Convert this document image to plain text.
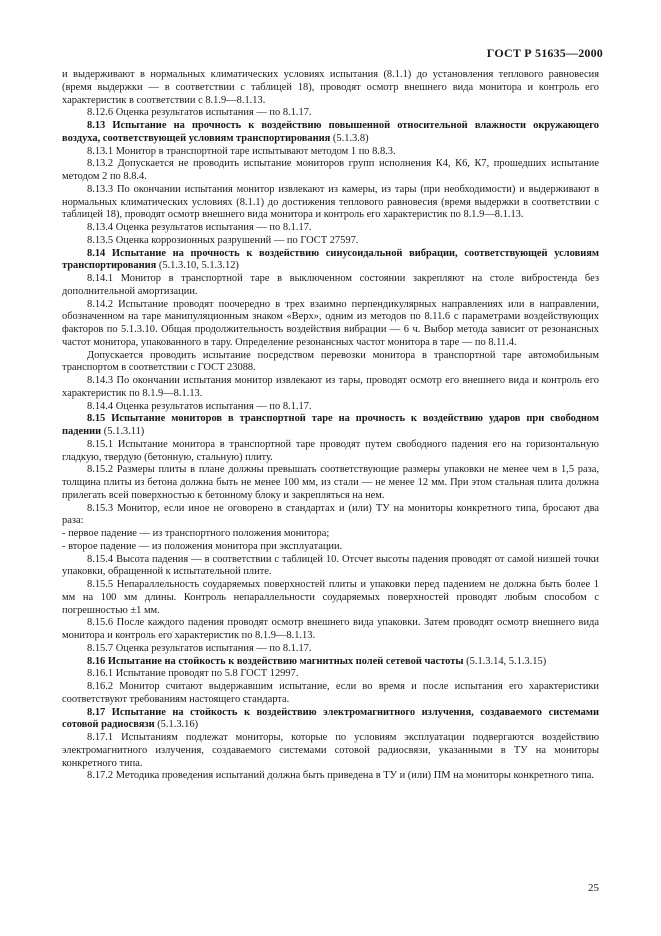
ГОСТ Р 51635—2000

и выдерживают в нормальных климатических условиях испытания (8.1.1) до установления теплового равновесия (время выдержки — в соответствии с таблицей 18), проводят осмотр внешнего вида монитора и контроль его характеристик в соответствии с 8.1.9—8.1.13.

8.12.6 Оценка результатов испытания — по 8.1.17.

8.13 Испытание на прочность к воздействию повышенной относительной влажности окружающего воздуха, соответствующей условиям транспортирования (5.1.3.8)

8.13.1 Монитор в транспортной таре испытывают методом 1 по 8.8.3.

8.13.2 Допускается не проводить испытание мониторов групп исполнения К4, К6, К7, прошедших испытание методом 2 по 8.8.4.

8.13.3 По окончании испытания монитор извлекают из камеры, из тары (при необходимости) и выдерживают в нормальных климатических условиях (8.1.1) до достижения теплового равновесия (время выдержки в соответствии с таблицей 18), проводят осмотр внешнего вида монитора и контроль его характеристик по 8.1.9—8.1.13.

8.13.4 Оценка результатов испытания — по 8.1.17.

8.13.5 Оценка коррозионных разрушений — по ГОСТ 27597.

8.14 Испытание на прочность к воздействию синусоидальной вибрации, соответствующей условиям транспортирования (5.1.3.10, 5.1.3.12)

8.14.1 Монитор в транспортной таре в выключенном состоянии закрепляют на столе вибростенда без дополнительной амортизации.

8.14.2 Испытание проводят поочередно в трех взаимно перпендикулярных направлениях или в направлении, обозначенном на таре манипуляционным знаком «Верх», одним из методов по 8.11.6 с параметрами воздействующих факторов по 5.1.3.10. Общая продолжительность воздействия вибрации — 6 ч. Выбор метода зависит от резонансных частот монитора, упакованного в тару. Определение резонансных частот монитора в таре — по 8.11.4.

Допускается проводить испытание посредством перевозки монитора в транспортной таре автомобильным транспортом в соответствии с ГОСТ 23088.

8.14.3 По окончании испытания монитор извлекают из тары, проводят осмотр его внешнего вида и контроль его характеристик по 8.1.9—8.1.13.

8.14.4 Оценка результатов испытания — по 8.1.17.

8.15 Испытание мониторов в транспортной таре на прочность к воздействию ударов при свободном падении (5.1.3.11)

8.15.1 Испытание монитора в транспортной таре проводят путем свободного падения его на горизонтальную гладкую, твердую (бетонную, стальную) плиту.

8.15.2 Размеры плиты в плане должны превышать соответствующие размеры упаковки не менее чем в 1,5 раза, толщина плиты из бетона должна быть не менее 100 мм, из стали — не менее 12 мм. При этом стальная плита должна прилегать всей поверхностью к бетонному блоку и закрепляться на нем.

8.15.3 Монитор, если иное не оговорено в стандартах и (или) ТУ на мониторы конкретного типа, бросают два раза:

- первое падение — из транспортного положения монитора;

- второе падение — из положения монитора при эксплуатации.

8.15.4 Высота падения — в соответствии с таблицей 10. Отсчет высоты падения проводят от самой низшей точки упаковки, обращенной к испытательной плите.

8.15.5 Непараллельность соударяемых поверхностей плиты и упаковки перед падением не должна быть более 1 мм на 100 мм длины. Контроль непараллельности соударяемых поверхностей проводят любым способом с погрешностью ±1 мм.

8.15.6 После каждого падения проводят осмотр внешнего вида упаковки. Затем проводят осмотр внешнего вида монитора и контроль его характеристик по 8.1.9—8.1.13.

8.15.7 Оценка результатов испытания — по 8.1.17.

8.16 Испытание на стойкость к воздействию магнитных полей сетевой частоты (5.1.3.14, 5.1.3.15)

8.16.1 Испытание проводят по 5.8 ГОСТ 12997.

8.16.2 Монитор считают выдержавшим испытание, если во время и после испытания его характеристики соответствуют требованиям настоящего стандарта.

8.17 Испытание на стойкость к воздействию электромагнитного излучения, создаваемого системами сотовой радиосвязи (5.1.3.16)

8.17.1 Испытаниям подлежат мониторы, которые по условиям эксплуатации подвергаются воздействию электромагнитного излучения, создаваемого системами сотовой радиосвязи, указанными в ТУ на мониторы конкретного типа.

8.17.2 Методика проведения испытаний должна быть приведена в ТУ и (или) ПМ на мониторы конкретного типа.

25
